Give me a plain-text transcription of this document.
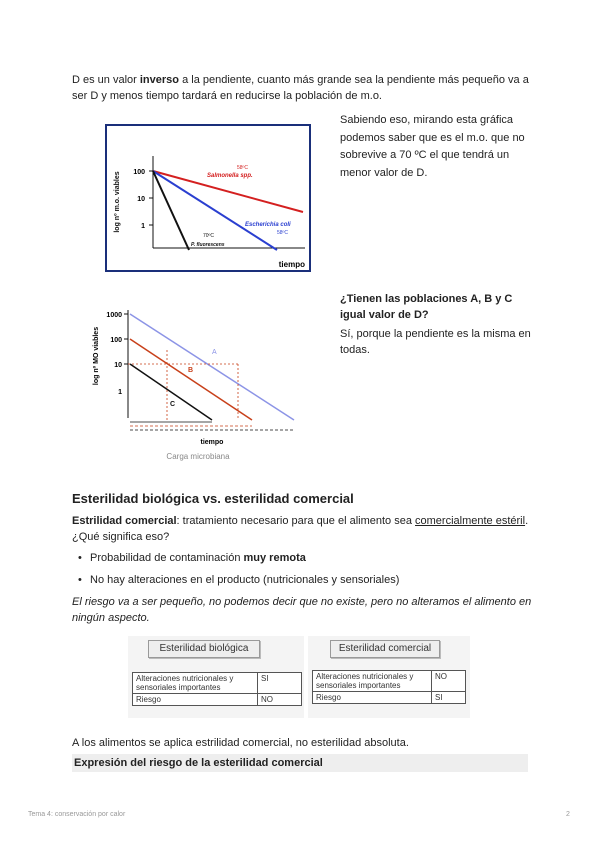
D es un valor inverso a la pendiente, cuanto más grande sea la pendiente más pequeño va a ser D y menos tiempo tardará en reducirse la población de m.o.
log nº m.o. viables 100
10
1
Salmonella spp.
58ºC
Escherichia coli
58ºC
P. fluorescens
70ºC
tiempo
Sabiendo eso, mirando esta gráfica podemos saber que es el m.o. que no sobrevive a 70 ºC el que tendrá un menor valor de D.
log nº MO viables
1000
100
10
1
A
B
C
tiempo
Carga microbiana
¿Tienen las poblaciones A, B y C igual valor de D?
Sí, porque la pendiente es la misma en todas.
Esterilidad biológica vs. esterilidad comercial
Estrilidad comercial: tratamiento necesario para que el alimento sea comercialmente estéril.
¿Qué significa eso?
• Probabilidad de contaminación muy remota
• No hay alteraciones en el producto (nutricionales y sensoriales)
El riesgo va a ser pequeño, no podemos decir que no existe, pero no alteramos el alimento en ningún aspecto.
Esterilidad biológica
Alteraciones nutricionales y sensoriales importantes	SI
Riesgo	NO
Esterilidad comercial
Alteraciones nutricionales y sensoriales importantes	NO
Riesgo	SI
A los alimentos se aplica estrilidad comercial, no esterilidad absoluta.
Expresión del riesgo de la esterilidad comercial
Tema 4: conservación por calor	2
